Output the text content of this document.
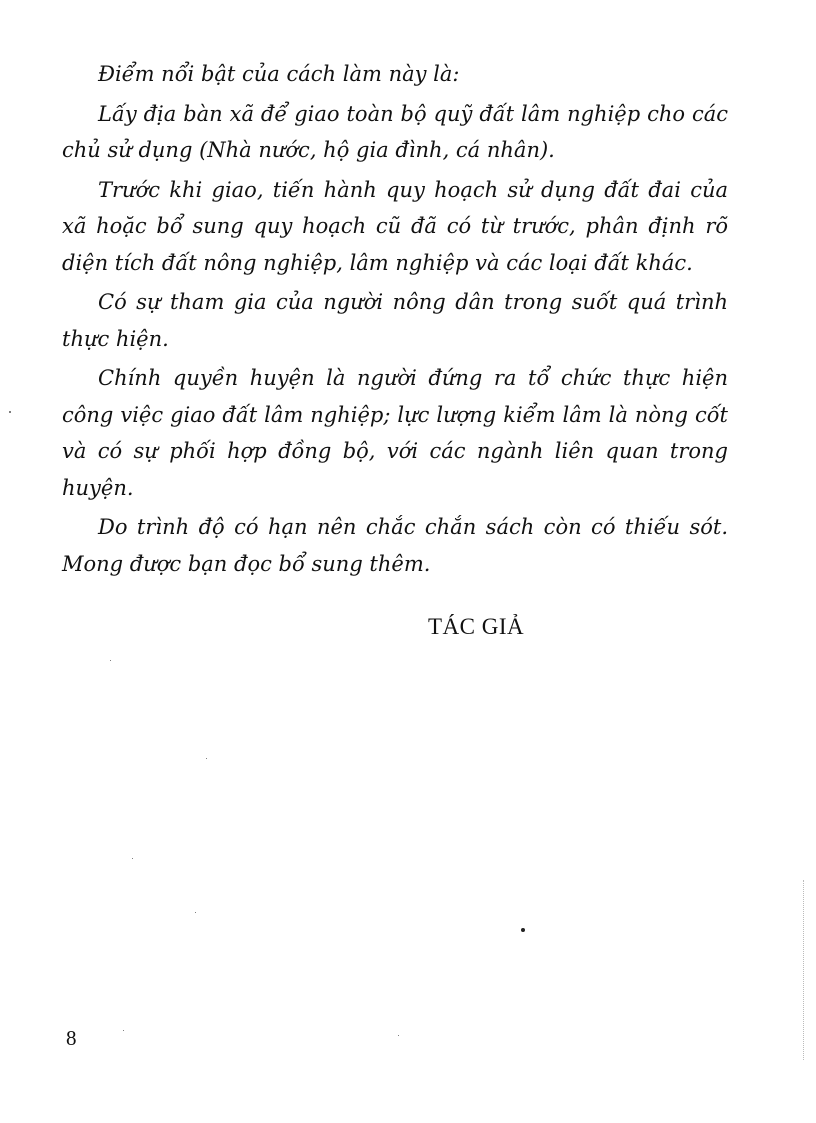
Điểm nổi bật của cách làm này là:

Lấy địa bàn xã để giao toàn bộ quỹ đất lâm nghiệp cho các chủ sử dụng (Nhà nước, hộ gia đình, cá nhân).

Trước khi giao, tiến hành quy hoạch sử dụng đất đai của xã hoặc bổ sung quy hoạch cũ đã có từ trước, phân định rõ diện tích đất nông nghiệp, lâm nghiệp và các loại đất khác.

Có sự tham gia của người nông dân trong suốt quá trình thực hiện.

Chính quyền huyện là người đứng ra tổ chức thực hiện công việc giao đất lâm nghiệp; lực lượng kiểm lâm là nòng cốt và có sự phối hợp đồng bộ, với các ngành liên quan trong huyện.

Do trình độ có hạn nên chắc chắn sách còn có thiếu sót. Mong được bạn đọc bổ sung thêm.

TÁC GIẢ
8
